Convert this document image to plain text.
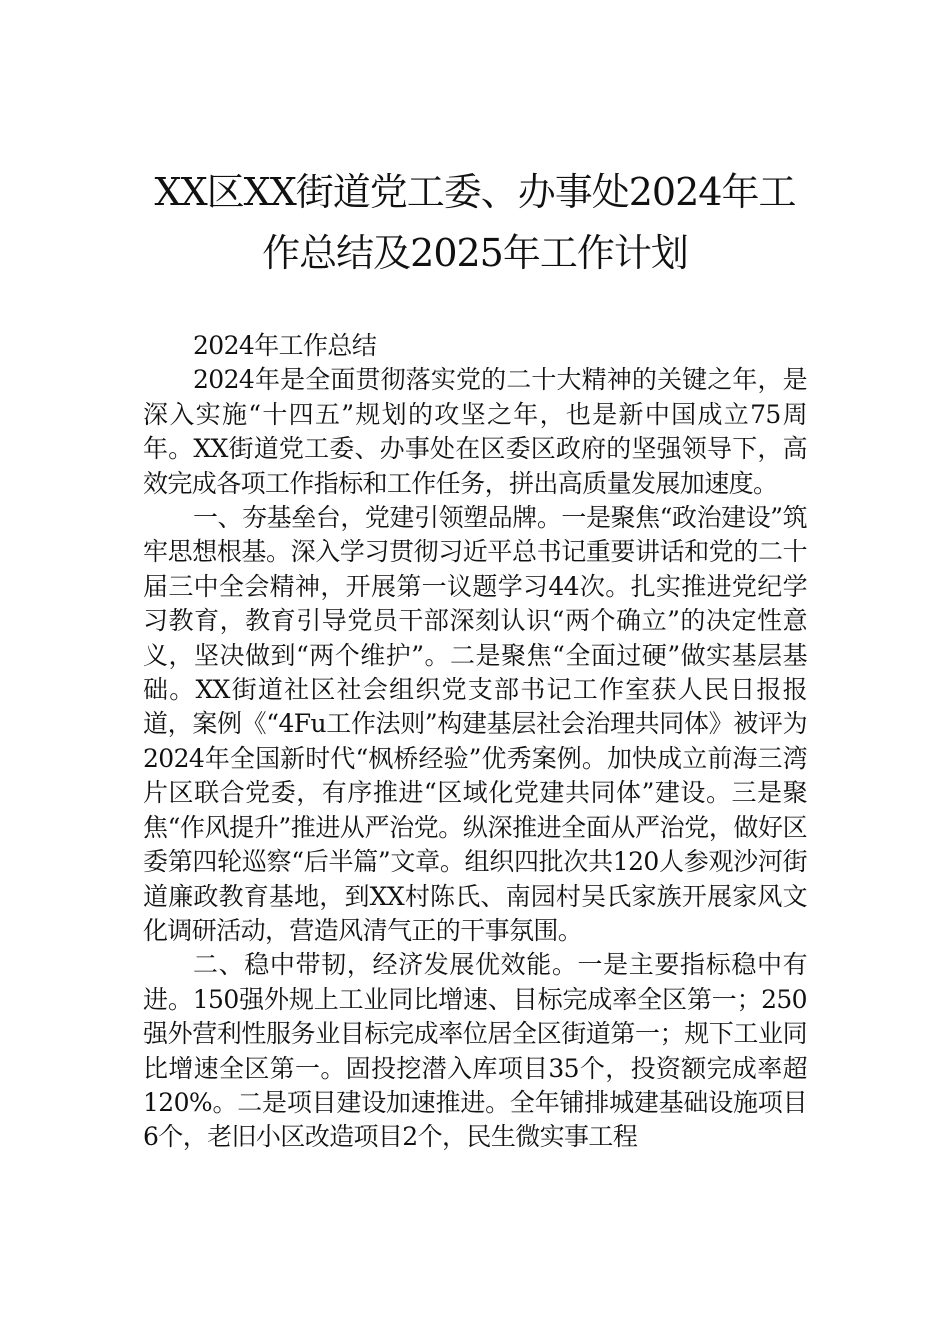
XX区XX街道党工委、办事处2024年工
作总结及2025年工作计划

2024年工作总结

2024年是全面贯彻落实党的二十大精神的关键之年，是深入实施“十四五”规划的攻坚之年，也是新中国成立75周年。XX街道党工委、办事处在区委区政府的坚强领导下，高效完成各项工作指标和工作任务，拼出高质量发展加速度。

一、夯基垒台，党建引领塑品牌。一是聚焦“政治建设”筑牢思想根基。深入学习贯彻习近平总书记重要讲话和党的二十届三中全会精神，开展第一议题学习44次。扎实推进党纪学习教育，教育引导党员干部深刻认识“两个确立”的决定性意义，坚决做到“两个维护”。二是聚焦“全面过硬”做实基层基础。XX街道社区社会组织党支部书记工作室获人民日报报道，案例《“4Fu工作法则”构建基层社会治理共同体》被评为2024年全国新时代“枫桥经验”优秀案例。加快成立前海三湾片区联合党委，有序推进“区域化党建共同体”建设。三是聚焦“作风提升”推进从严治党。纵深推进全面从严治党，做好区委第四轮巡察“后半篇”文章。组织四批次共120人参观沙河街道廉政教育基地，到XX村陈氏、南园村吴氏家族开展家风文化调研活动，营造风清气正的干事氛围。

二、稳中带韧，经济发展优效能。一是主要指标稳中有进。150强外规上工业同比增速、目标完成率全区第一；250强外营利性服务业目标完成率位居全区街道第一；规下工业同比增速全区第一。固投挖潜入库项目35个，投资额完成率超120%。二是项目建设加速推进。全年铺排城建基础设施项目6个，老旧小区改造项目2个，民生微实事工程
